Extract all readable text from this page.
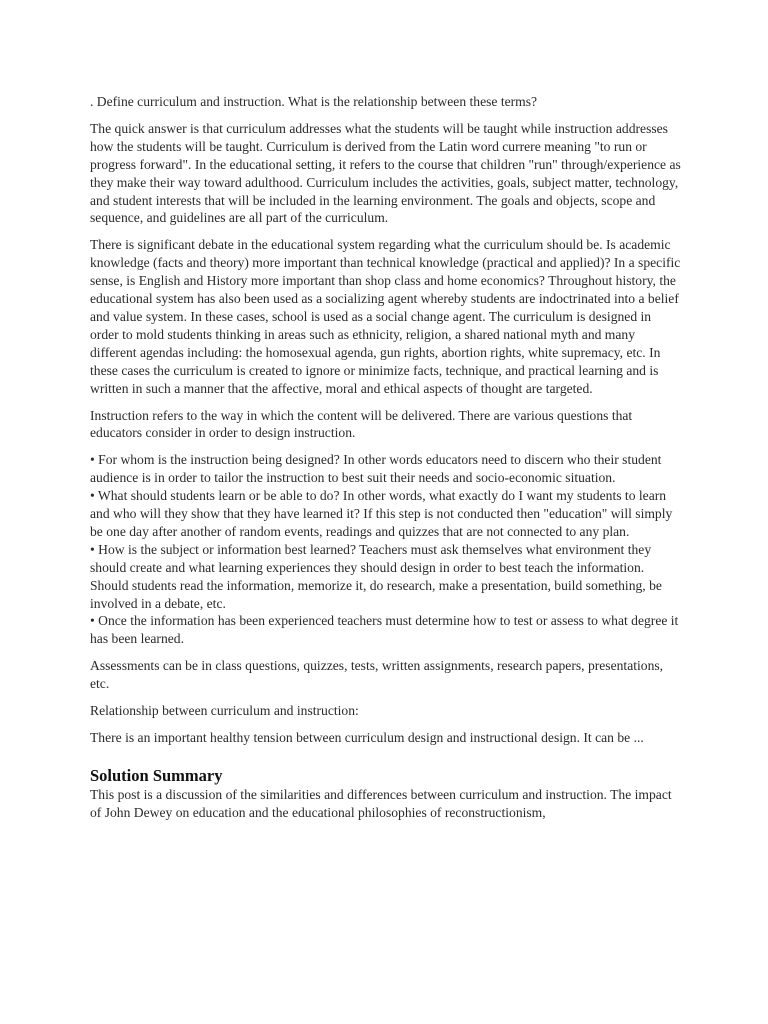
. Define curriculum and instruction. What is the relationship between these terms?

The quick answer is that curriculum addresses what the students will be taught while instruction addresses how the students will be taught. Curriculum is derived from the Latin word currere meaning "to run or progress forward". In the educational setting, it refers to the course that children "run" through/experience as they make their way toward adulthood. Curriculum includes the activities, goals, subject matter, technology, and student interests that will be included in the learning environment. The goals and objects, scope and sequence, and guidelines are all part of the curriculum.

There is significant debate in the educational system regarding what the curriculum should be. Is academic knowledge (facts and theory) more important than technical knowledge (practical and applied)? In a specific sense, is English and History more important than shop class and home economics? Throughout history, the educational system has also been used as a socializing agent whereby students are indoctrinated into a belief and value system. In these cases, school is used as a social change agent. The curriculum is designed in order to mold students thinking in areas such as ethnicity, religion, a shared national myth and many different agendas including: the homosexual agenda, gun rights, abortion rights, white supremacy, etc. In these cases the curriculum is created to ignore or minimize facts, technique, and practical learning and is written in such a manner that the affective, moral and ethical aspects of thought are targeted.

Instruction refers to the way in which the content will be delivered. There are various questions that educators consider in order to design instruction.

• For whom is the instruction being designed? In other words educators need to discern who their student audience is in order to tailor the instruction to best suit their needs and socio-economic situation.
• What should students learn or be able to do? In other words, what exactly do I want my students to learn and who will they show that they have learned it? If this step is not conducted then "education" will simply be one day after another of random events, readings and quizzes that are not connected to any plan.
• How is the subject or information best learned? Teachers must ask themselves what environment they should create and what learning experiences they should design in order to best teach the information. Should students read the information, memorize it, do research, make a presentation, build something, be involved in a debate, etc.
• Once the information has been experienced teachers must determine how to test or assess to what degree it has been learned.

Assessments can be in class questions, quizzes, tests, written assignments, research papers, presentations, etc.

Relationship between curriculum and instruction:

There is an important healthy tension between curriculum design and instructional design. It can be ...

Solution Summary

This post is a discussion of the similarities and differences between curriculum and instruction. The impact of John Dewey on education and the educational philosophies of reconstructionism,
